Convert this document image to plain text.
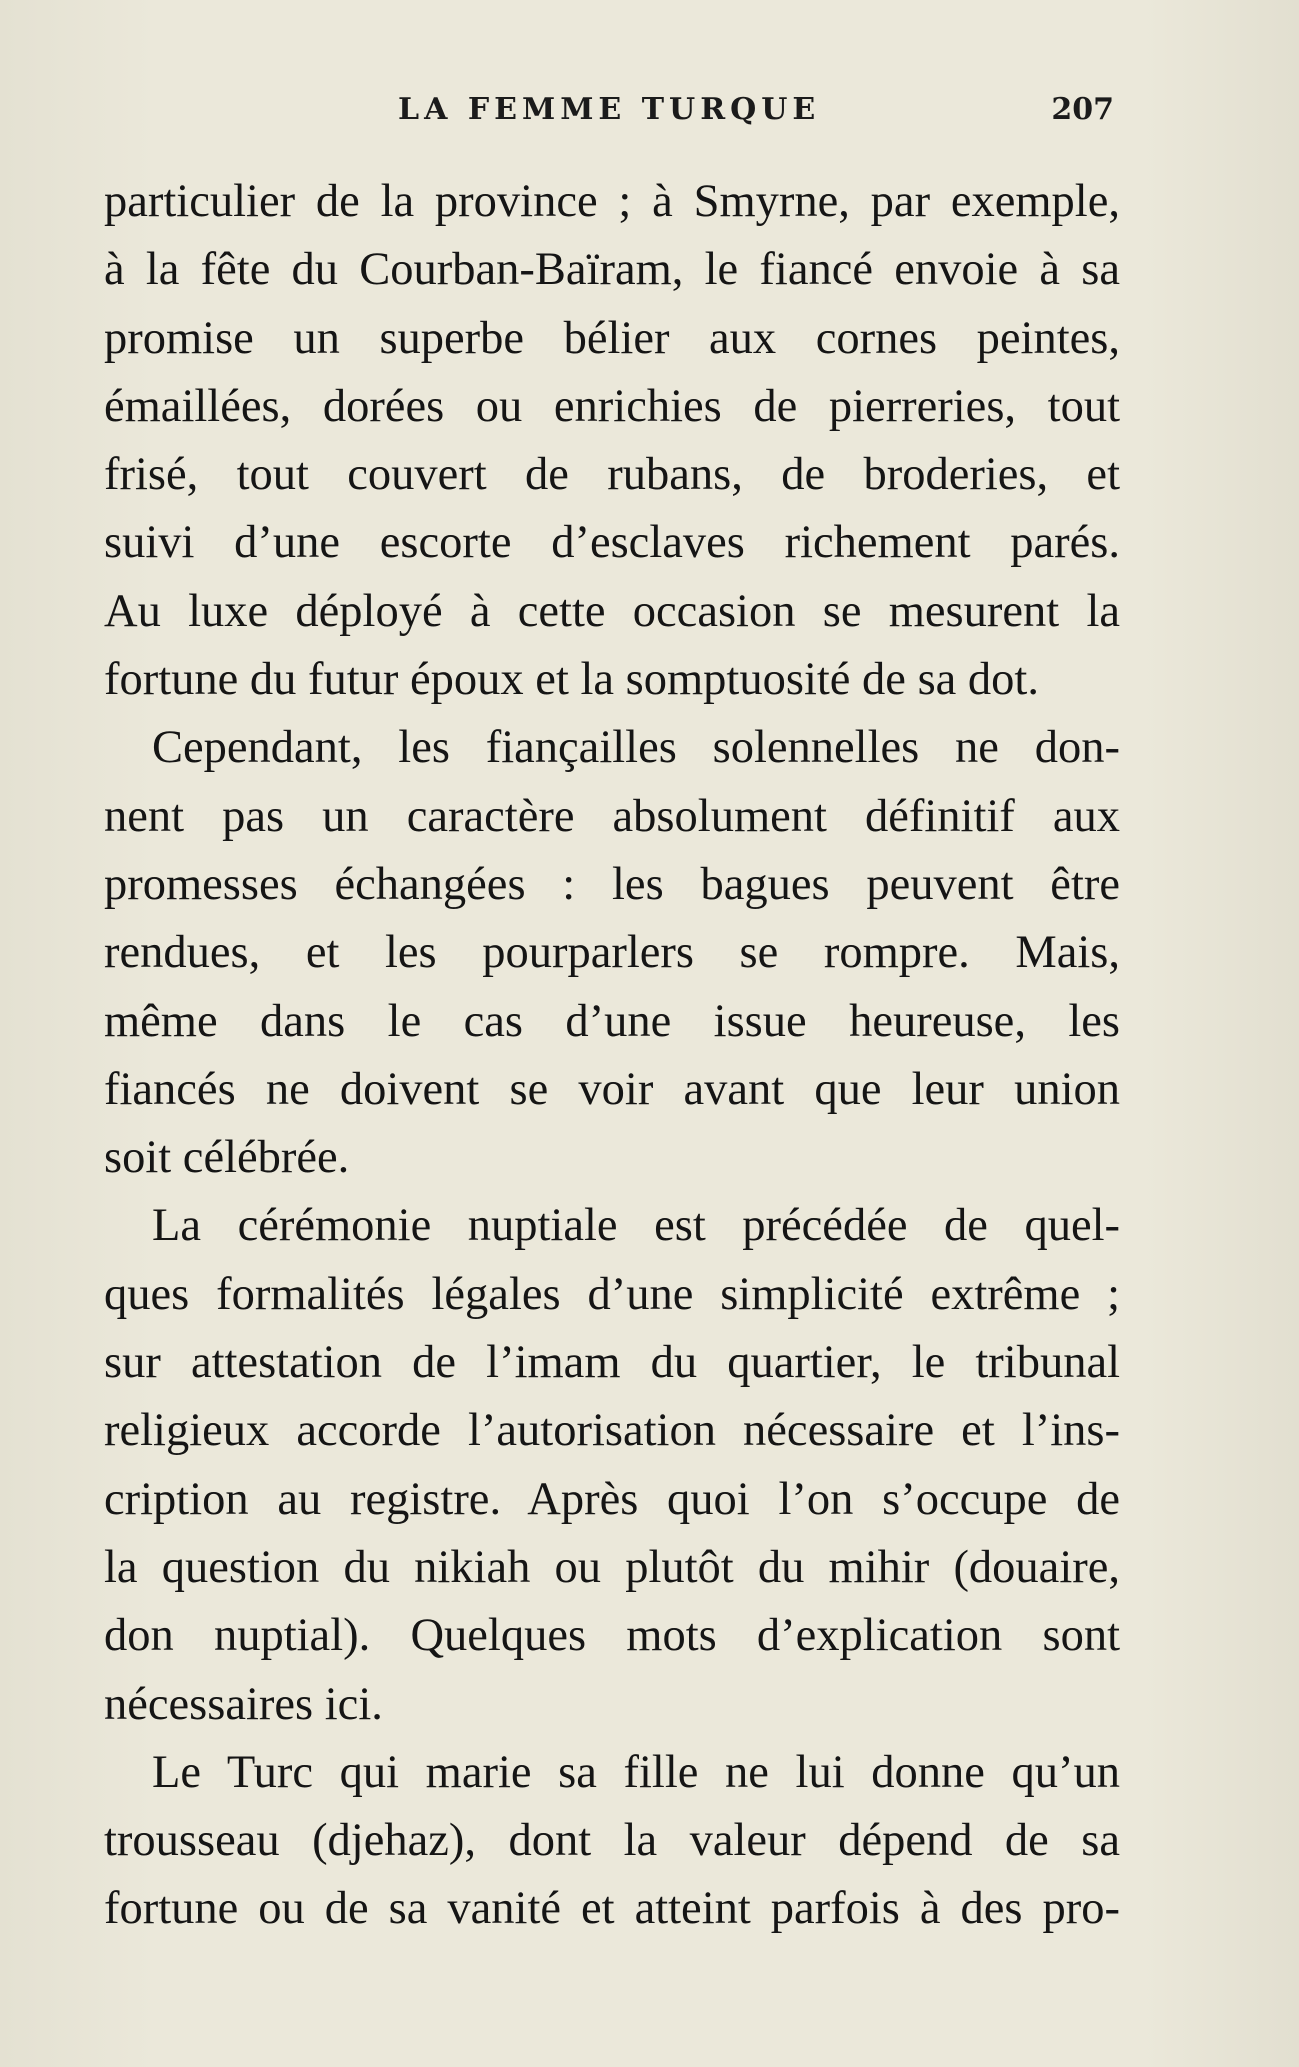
LA FEMME TURQUE	207
particulier de la province ; à Smyrne, par exemple,
à la fête du Courban-Baïram, le fiancé envoie à sa
promise un superbe bélier aux cornes peintes,
émaillées, dorées ou enrichies de pierreries, tout
frisé, tout couvert de rubans, de broderies, et
suivi d’une escorte d’esclaves richement parés.
Au luxe déployé à cette occasion se mesurent la
fortune du futur époux et la somptuosité de sa dot.
Cependant, les fiançailles solennelles ne don-
nent pas un caractère absolument définitif aux
promesses échangées : les bagues peuvent être
rendues, et les pourparlers se rompre. Mais,
même dans le cas d’une issue heureuse, les
fiancés ne doivent se voir avant que leur union
soit célébrée.
La cérémonie nuptiale est précédée de quel-
ques formalités légales d’une simplicité extrême ;
sur attestation de l’imam du quartier, le tribunal
religieux accorde l’autorisation nécessaire et l’ins-
cription au registre. Après quoi l’on s’occupe de
la question du nikiah ou plutôt du mihir (douaire,
don nuptial). Quelques mots d’explication sont
nécessaires ici.
Le Turc qui marie sa fille ne lui donne qu’un
trousseau (djehaz), dont la valeur dépend de sa
fortune ou de sa vanité et atteint parfois à des pro-
